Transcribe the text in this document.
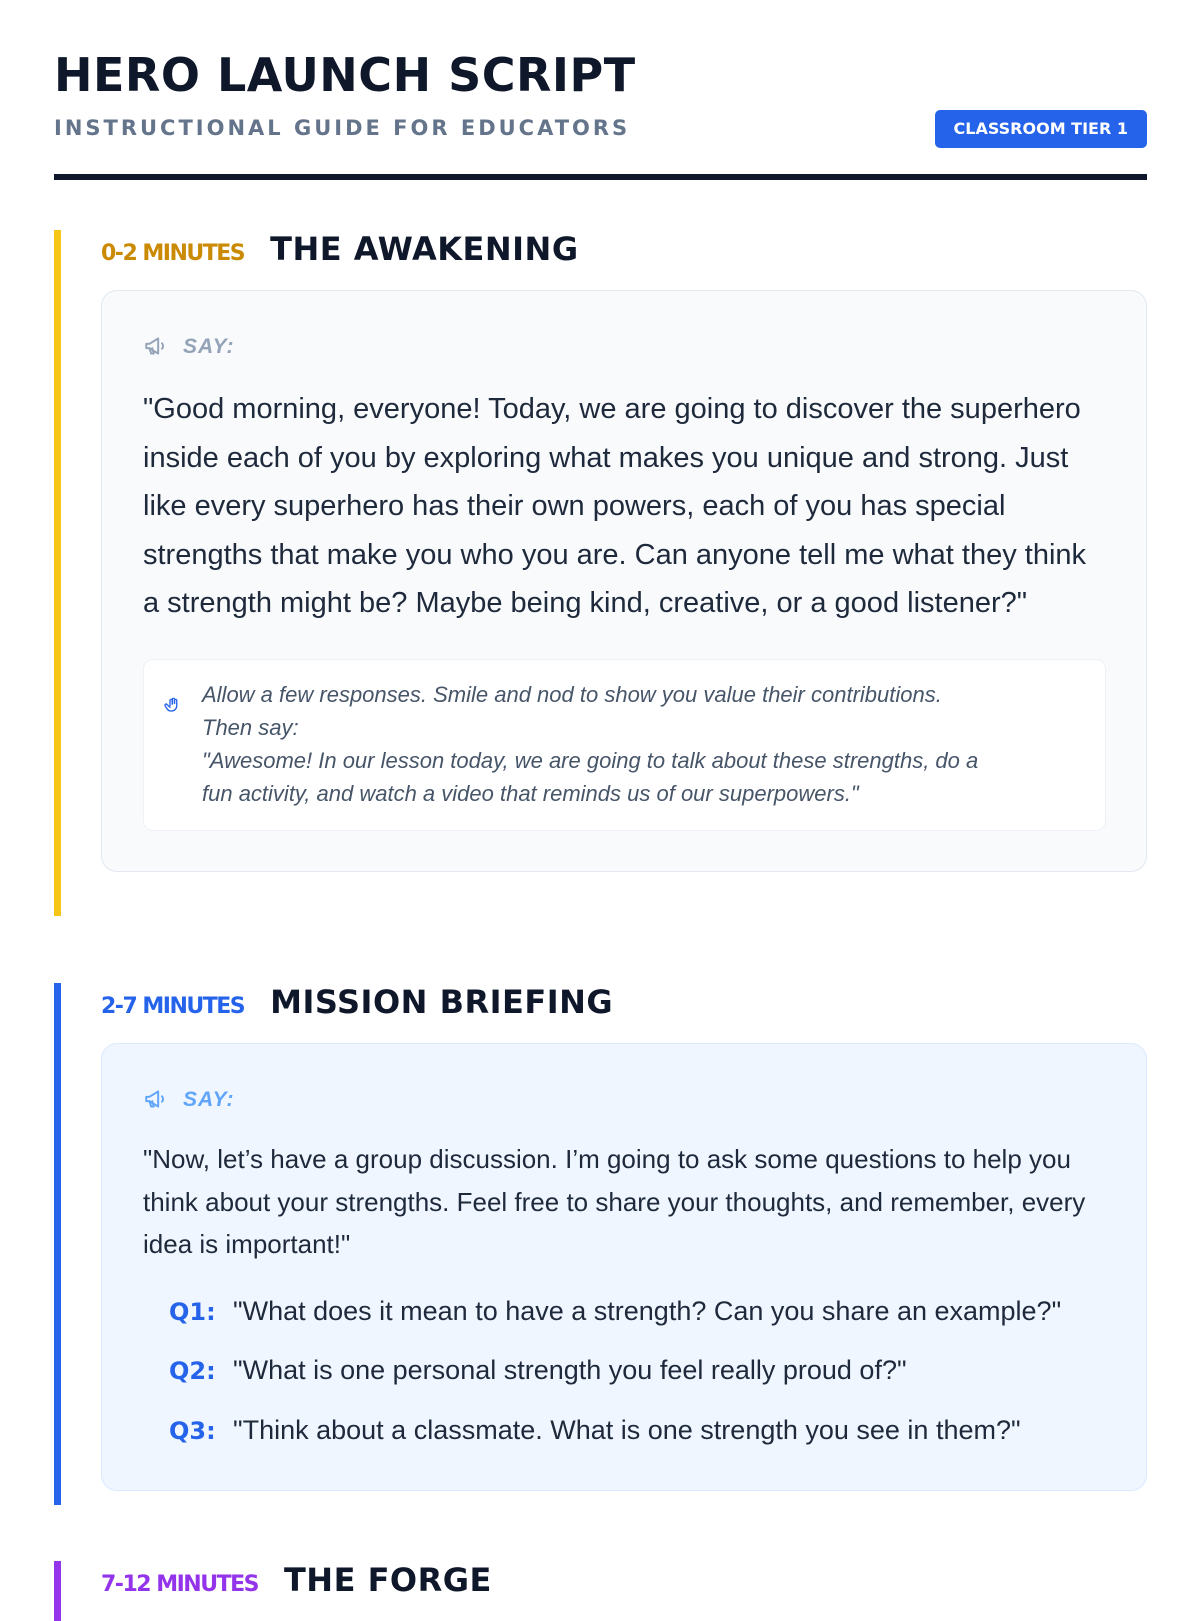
HERO LAUNCH SCRIPT
INSTRUCTIONAL GUIDE FOR EDUCATORS	CLASSROOM TIER 1
0-2 MINUTES THE AWAKENING
SAY:

"Good morning, everyone! Today, we are going to discover the superhero inside each of you by exploring what makes you unique and strong. Just like every superhero has their own powers, each of you has special strengths that make you who you are. Can anyone tell me what they think a strength might be? Maybe being kind, creative, or a good listener?"

Allow a few responses. Smile and nod to show you value their contributions.
Then say:
"Awesome! In our lesson today, we are going to talk about these strengths, do a
fun activity, and watch a video that reminds us of our superpowers."
2-7 MINUTES MISSION BRIEFING
SAY:

"Now, let’s have a group discussion. I’m going to ask some questions to help you think about your strengths. Feel free to share your thoughts, and remember, every idea is important!"

Q1: "What does it mean to have a strength? Can you share an example?"
Q2: "What is one personal strength you feel really proud of?"
Q3: "Think about a classmate. What is one strength you see in them?"
7-12 MINUTES THE FORGE
